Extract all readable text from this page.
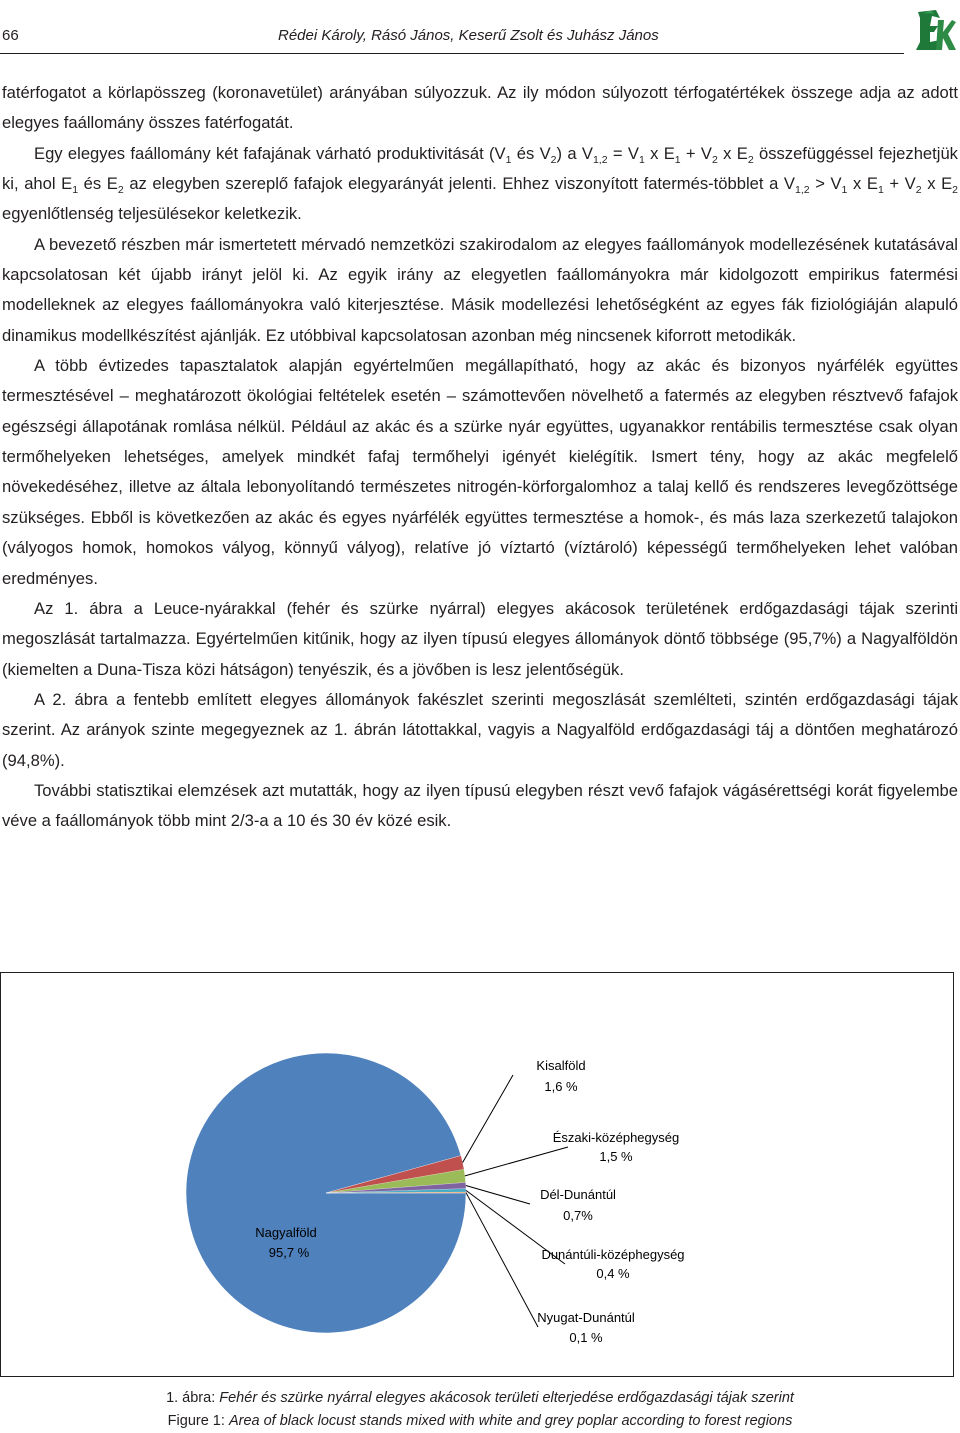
66	Rédei Károly, Rásó János, Keserű Zsolt és Juhász János

fatérfogatot a körlapösszeg (koronavetület) arányában súlyozzuk. Az ily módon súlyozott térfogatértékek összege adja az adott elegyes faállomány összes fatérfogatát.

Egy elegyes faállomány két fafajának várható produktivitását ($V_1$ és $V_2$) a $V_{1,2} = V_1$ x $E_1 + V_2$ x $E_2$ összefüggéssel fejezhetjük ki, ahol $E_1$ és $E_2$ az elegyben szereplő fafajok elegyarányát jelenti. Ehhez viszonyított fatermés-többlet a $V_{1,2} > V_1$ x $E_1 + V_2$ x $E_2$ egyenlőtlenség teljesülésekor keletkezik.

A bevezető részben már ismertetett mérvadó nemzetközi szakirodalom az elegyes faállományok modellezésének kutatásával kapcsolatosan két újabb irányt jelöl ki. Az egyik irány az elegyetlen faállományokra már kidolgozott empirikus fatermési modelleknek az elegyes faállományokra való kiterjesztése. Másik modellezési lehetőségként az egyes fák fiziológiáján alapuló dinamikus modellkészítést ajánlják. Ez utóbbival kapcsolatosan azonban még nincsenek kiforrott metodikák.

A több évtizedes tapasztalatok alapján egyértelműen megállapítható, hogy az akác és bizonyos nyárfélék együttes termesztésével – meghatározott ökológiai feltételek esetén – számottevően növelhető a fatermés az elegyben résztvevő fafajok egészségi állapotának romlása nélkül. Például az akác és a szürke nyár együttes, ugyanakkor rentábilis termesztése csak olyan termőhelyeken lehetséges, amelyek mindkét fafaj termőhelyi igényét kielégítik. Ismert tény, hogy az akác megfelelő növekedéséhez, illetve az általa lebonyolítandó természetes nitrogén-körforgalomhoz a talaj kellő és rendszeres levegőzöttsége szükséges. Ebből is következően az akác és egyes nyárfélék együttes termesztése a homok-, és más laza szerkezetű talajokon (vályogos homok, homokos vályog, könnyű vályog), relatíve jó víztartó (víztároló) képességű termőhelyeken lehet valóban eredményes.

Az 1. ábra a Leuce-nyárakkal (fehér és szürke nyárral) elegyes akácosok területének erdőgazdasági tájak szerinti megoszlását tartalmazza. Egyértelműen kitűnik, hogy az ilyen típusú elegyes állományok döntő többsége (95,7%) a Nagyalföldön (kiemelten a Duna-Tisza közi hátságon) tenyészik, és a jövőben is lesz jelentőségük.

A 2. ábra a fentebb említett elegyes állományok fakészlet szerinti megoszlását szemlélteti, szintén erdőgazdasági tájak szerint. Az arányok szinte megegyeznek az 1. ábrán látottakkal, vagyis a Nagyalföld erdőgazdasági táj a döntően meghatározó (94,8%).

További statisztikai elemzések azt mutatták, hogy az ilyen típusú elegyben részt vevő fafajok vágásérettségi korát figyelembe véve a faállományok több mint 2/3-a a 10 és 30 év közé esik.

Nagyalföld
95,7 %
Kisalföld
1,6 %
Északi-középhegység
1,5 %
Dél-Dunántúl
0,7%
Dunántúli-középhegység
0,4 %
Nyugat-Dunántúl
0,1 %
1. ábra: Fehér és szürke nyárral elegyes akácosok területi elterjedése erdőgazdasági tájak szerint
Figure 1: Area of black locust stands mixed with white and grey poplar according to forest regions
